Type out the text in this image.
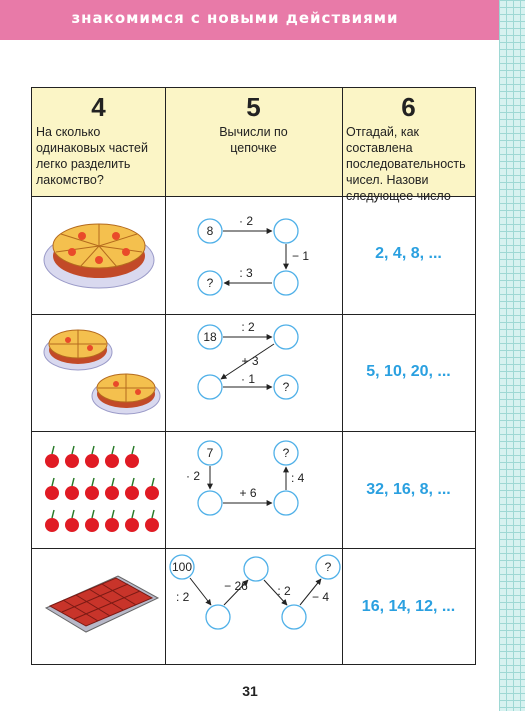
знакомимся с новыми действиями
4
На сколько одинаковых частей легко разделить лакомство?
5
Вычисли по цепочке
6
Отгадай, как составлена последовательность чисел. Назови следующее число
8
· 2
− 1
: 3
?
18
: 2
+ 3
· 1
?
7
· 2
+ 6
: 4
?
100
: 2
− 26 : 2 − 4
?
2, 4, 8, ...
5, 10, 20, ...
32, 16, 8, ...
16, 14, 12, ...
31
